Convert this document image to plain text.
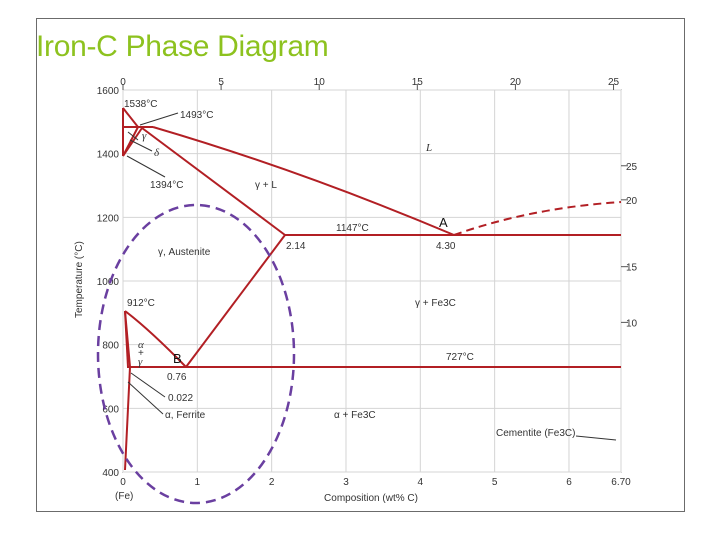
Iron-C Phase Diagram
0	1	2	3	4	5	6	6.70
400
600
800
1000
1200
1400
1600
0	5	10	15	20	25
25
20
15
10
Temperature (°C)
Composition (wt% C)
(Fe)
1538°C
1493°C
1394°C
1147°C
912°C
727°C
2.14	4.30
0.76
0.022
L
γ + L
δ
γ
γ, Austenite
γ + Fe3C
α + Fe3C
α
+
γ
α, Ferrite
Cementite (Fe3C)
A
B
